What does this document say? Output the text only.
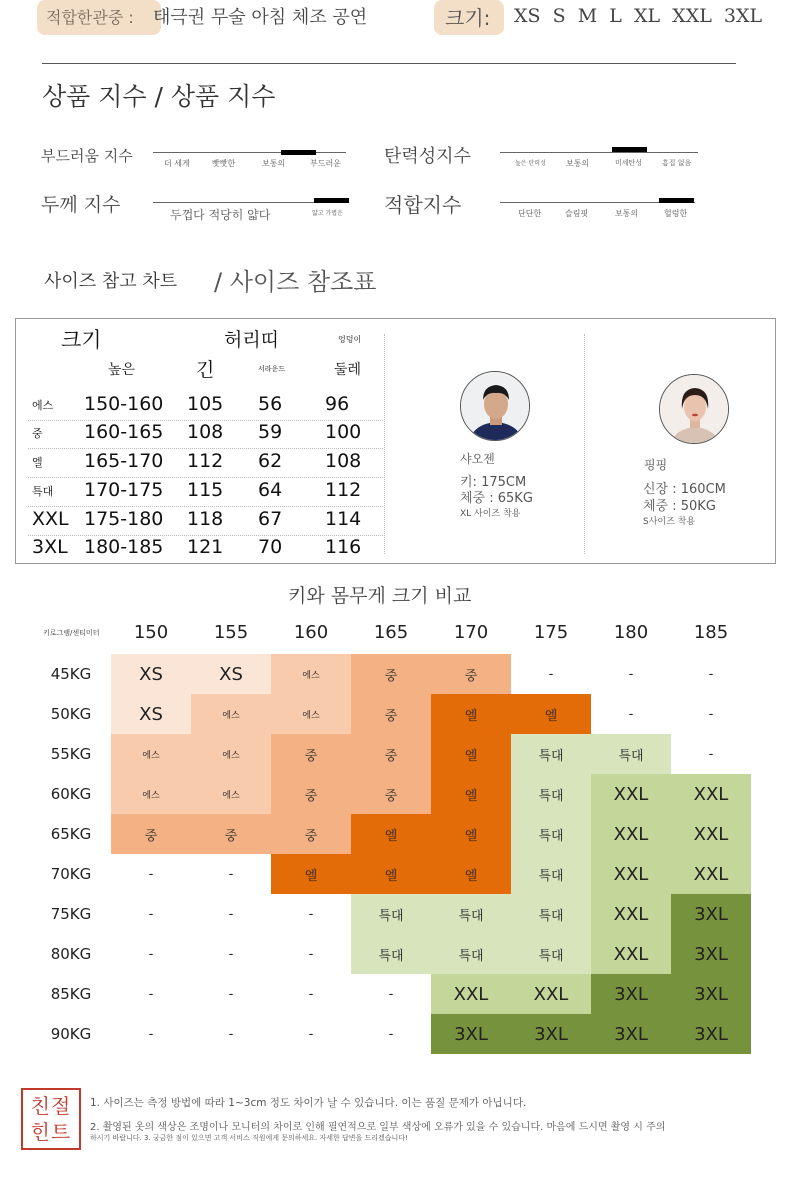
적합한관중 : 태극권 무술 아침 체조 공연	크기: XS  S  M  L  XL  XXL  3XL
상품 지수 / 상품 지수
부드러움 지수	더 세게	빳빳한	보통의	부드러운 탄력성지수	높은 탄력성	보통의	미세탄성	흠집 없음
두께 지수	두껍다 적당히 얇다	얇고 가볍운 적합지수	단단한	슬림핏	보통의	헐렁한
사이즈 참고 차트 / 사이즈 참조표
크기	허리띠	엉덩이
높은	긴	서라운드	둘레
에스 150-160 105 56 96
중 160-165 108 59 100
엘 165-170 112 62 108
특대 170-175 115 64 112
XXL 175-180 118 67 114
3XL 180-185 121 70 116
샤오젠
키: 175CM
체중 : 65KG
XL 사이즈 착용
핑핑
신장 : 160CM
체중 : 50KG
S사이즈 착용
키와 몸무게 크기 비교
키로그램/센티미터	150	155	160	165	170	175	180	185
45KG	XS	XS	에스	중	중	-	-	-
50KG	XS	에스	에스	중	엘	엘	-	-
55KG	에스	에스	중	중	엘	특대	특대	-
60KG	에스	에스	중	중	엘	특대	XXL	XXL
65KG	중	중	중	엘	엘	특대	XXL	XXL
70KG	-	-	엘	엘	엘	특대	XXL	XXL
75KG	-	-	-	특대	특대	특대	XXL	3XL
80KG	-	-	-	특대	특대	특대	XXL	3XL
85KG	-	-	-	-	XXL	XXL	3XL	3XL
90KG	-	-	-	-	3XL	3XL	3XL	3XL
친절 힌트
1. 사이즈는 측정 방법에 따라 1~3cm 정도 차이가 날 수 있습니다. 이는 품질 문제가 아닙니다.
2. 촬영된 옷의 색상은 조명이나 모니터의 차이로 인해 필연적으로 일부 색상에 오류가 있을 수 있습니다. 마음에 드시면 촬영 시 주의
하시기 바랍니다. 3. 궁금한 점이 있으면 고객 서비스 직원에게 문의하세요. 자세한 답변을 드리겠습니다!
